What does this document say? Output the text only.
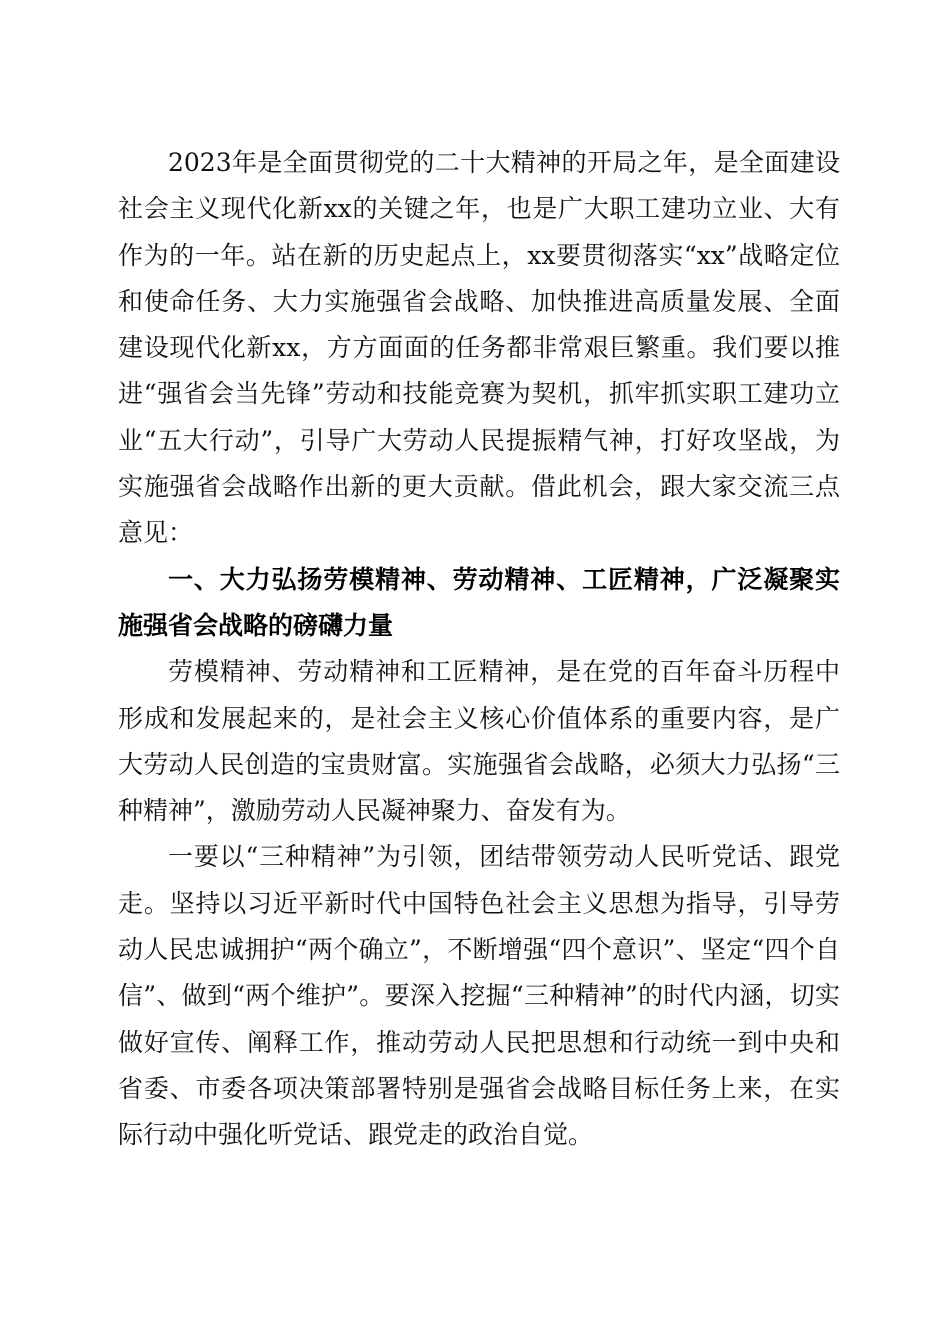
2023年是全面贯彻党的二十大精神的开局之年，是全面建设社会主义现代化新xx的关键之年，也是广大职工建功立业、大有作为的一年。站在新的历史起点上，xx要贯彻落实“xx”战略定位和使命任务、大力实施强省会战略、加快推进高质量发展、全面建设现代化新xx，方方面面的任务都非常艰巨繁重。我们要以推进“强省会当先锋”劳动和技能竞赛为契机，抓牢抓实职工建功立业“五大行动”，引导广大劳动人民提振精气神，打好攻坚战，为实施强省会战略作出新的更大贡献。借此机会，跟大家交流三点意见：

一、大力弘扬劳模精神、劳动精神、工匠精神，广泛凝聚实施强省会战略的磅礴力量

劳模精神、劳动精神和工匠精神，是在党的百年奋斗历程中形成和发展起来的，是社会主义核心价值体系的重要内容，是广大劳动人民创造的宝贵财富。实施强省会战略，必须大力弘扬“三种精神”，激励劳动人民凝神聚力、奋发有为。

一要以“三种精神”为引领，团结带领劳动人民听党话、跟党走。坚持以习近平新时代中国特色社会主义思想为指导，引导劳动人民忠诚拥护“两个确立”，不断增强“四个意识”、坚定“四个自信”、做到“两个维护”。要深入挖掘“三种精神”的时代内涵，切实做好宣传、阐释工作，推动劳动人民把思想和行动统一到中央和省委、市委各项决策部署特别是强省会战略目标任务上来，在实际行动中强化听党话、跟党走的政治自觉。
